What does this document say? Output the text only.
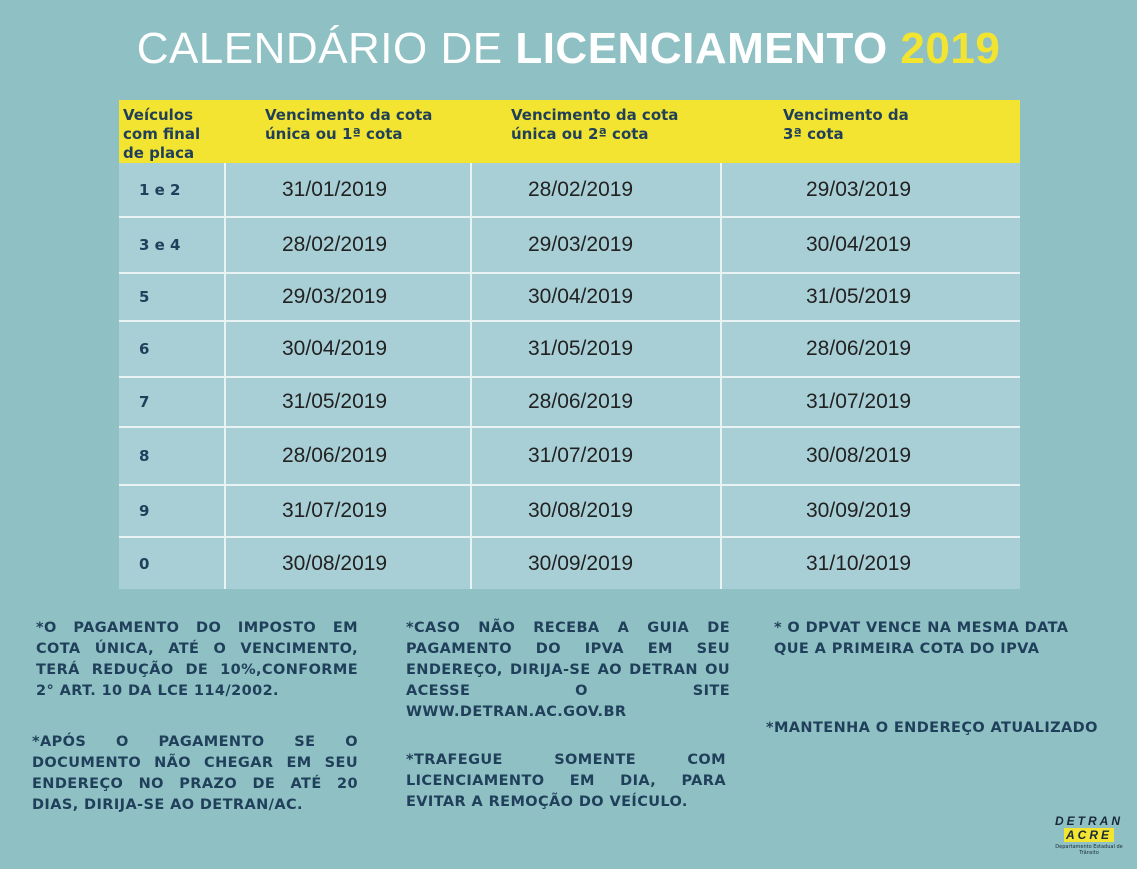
CALENDÁRIO DE LICENCIAMENTO 2019
Veículos com final de placa	Vencimento da cota única ou 1ª cota	Vencimento da cota única ou 2ª cota	Vencimento da 3ª cota
1 e 2	31/01/2019	28/02/2019	29/03/2019
3 e 4	28/02/2019	29/03/2019	30/04/2019
5	29/03/2019	30/04/2019	31/05/2019
6	30/04/2019	31/05/2019	28/06/2019
7	31/05/2019	28/06/2019	31/07/2019
8	28/06/2019	31/07/2019	30/08/2019
9	31/07/2019	30/08/2019	30/09/2019
0	30/08/2019	30/09/2019	31/10/2019
*O PAGAMENTO DO IMPOSTO EM COTA ÚNICA, ATÉ O VENCIMENTO, TERÁ REDUÇÃO DE 10%,CONFORME 2° ART. 10 DA LCE 114/2002.
*CASO NÃO RECEBA A GUIA DE PAGAMENTO DO IPVA EM SEU ENDEREÇO, DIRIJA-SE AO DETRAN OU ACESSE O SITE WWW.DETRAN.AC.GOV.BR
* O DPVAT VENCE NA MESMA DATA QUE A PRIMEIRA COTA DO IPVA
*APÓS O PAGAMENTO SE O DOCUMENTO NÃO CHEGAR EM SEU ENDEREÇO NO PRAZO DE ATÉ 20 DIAS, DIRIJA-SE AO DETRAN/AC.
*TRAFEGUE SOMENTE COM LICENCIAMENTO EM DIA, PARA EVITAR A REMOÇÃO DO VEÍCULO.
*MANTENHA O ENDEREÇO ATUALIZADO
DETRAN
ACRE
Departamento Estadual de Trânsito
